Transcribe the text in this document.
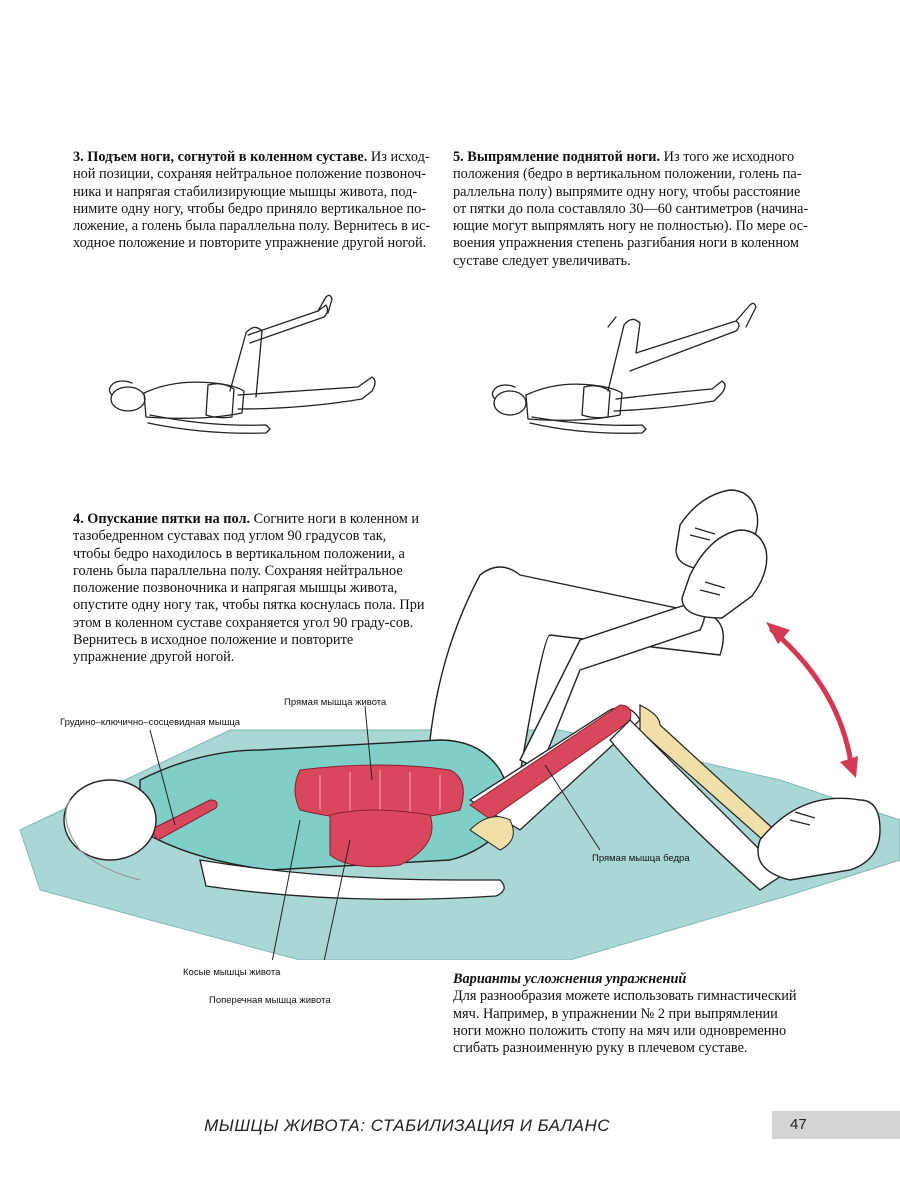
3. Подъем ноги, согнутой в коленном суставе. Из исход-ной позиции, сохраняя нейтральное положение позвоноч-ника и напрягая стабилизирующие мышцы живота, под-нимите одну ногу, чтобы бедро приняло вертикальное по-ложение, а голень была параллельна полу. Вернитесь в ис-ходное положение и повторите упражнение другой ногой.
5. Выпрямление поднятой ноги. Из того же исходного положения (бедро в вертикальном положении, голень па-раллельна полу) выпрямите одну ногу, чтобы расстояние от пятки до пола составляло 30—60 сантиметров (начина-ющие могут выпрямлять ногу не полностью). По мере ос-воения упражнения степень разгибания ноги в коленном суставе следует увеличивать.
4. Опускание пятки на пол. Согните ноги в коленном и тазобедренном суставах под углом 90 градусов так, чтобы бедро находилось в вертикальном положении, а голень была параллельна полу. Сохраняя нейтральное положение позвоночника и напрягая мышцы живота, опустите одну ногу так, чтобы пятка коснулась пола. При этом в коленном суставе сохраняется угол 90 граду-сов. Вернитесь в исходное положение и повторите упражнение другой ногой.
Грудино–ключично–сосцевидная мышца
Прямая мышца живота
Прямая мышца бедра
Косые мышцы живота
Поперечная мышца живота
Варианты усложнения упражнений
Для разнообразия можете использовать гимнастический мяч. Например, в упражнении № 2 при выпрямлении ноги можно положить стопу на мяч или одновременно сгибать разноименную руку в плечевом суставе.
МЫШЦЫ ЖИВОТА: СТАБИЛИЗАЦИЯ И БАЛАНС	47
